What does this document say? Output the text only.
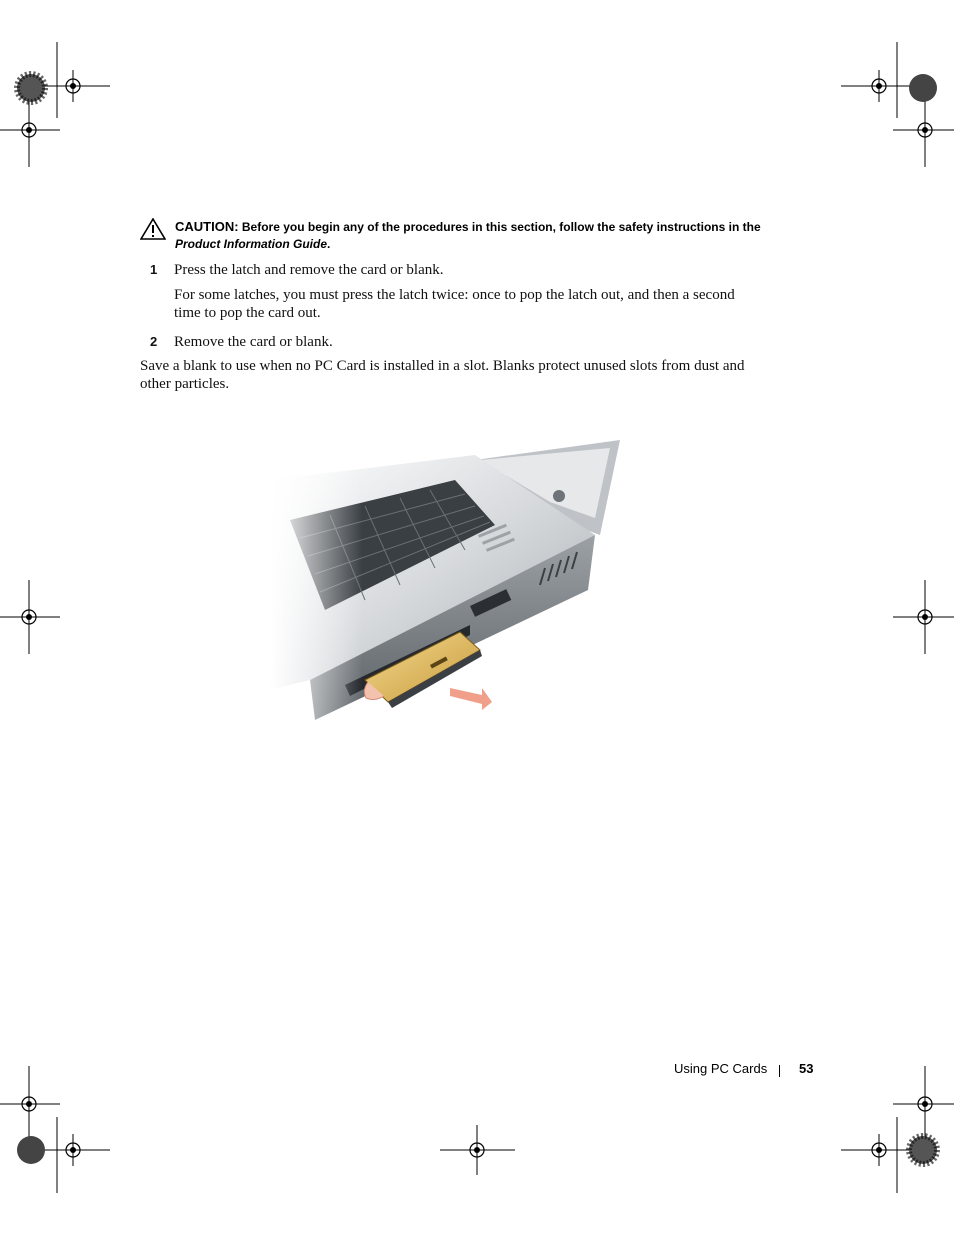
CAUTION: Before you begin any of the procedures in this section, follow the safety instructions in the
Product Information Guide.
1 Press the latch and remove the card or blank.
For some latches, you must press the latch twice: once to pop the latch out, and then a second time to pop the card out.
2 Remove the card or blank.
Save a blank to use when no PC Card is installed in a slot. Blanks protect unused slots from dust and other particles.
Using PC Cards 53
